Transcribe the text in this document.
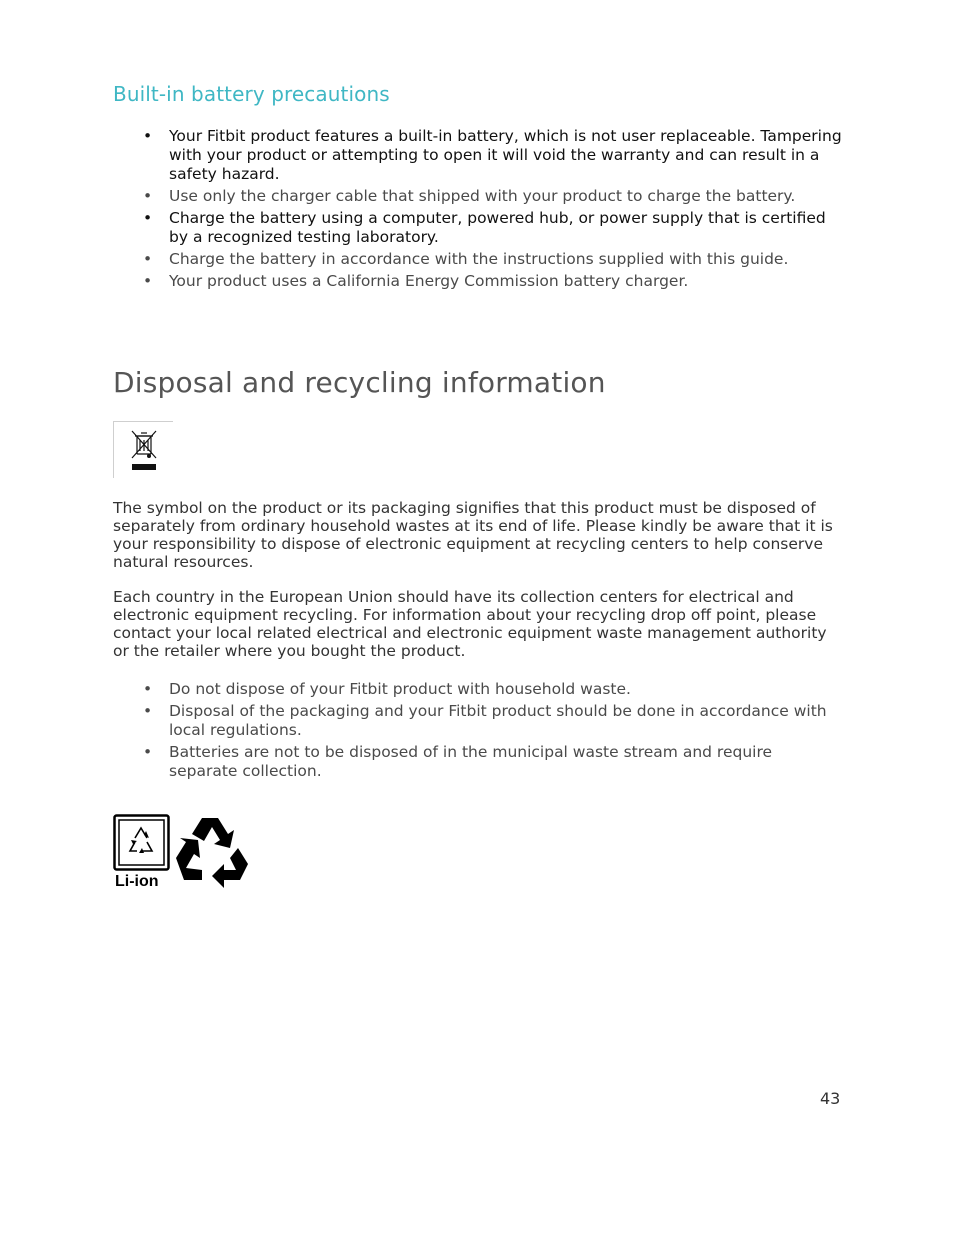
Built-in battery precautions
• Your Fitbit product features a built-in battery, which is not user replaceable. Tampering with your product or attempting to open it will void the warranty and can result in a safety hazard.
• Use only the charger cable that shipped with your product to charge the battery.
• Charge the battery using a computer, powered hub, or power supply that is certified by a recognized testing laboratory.
• Charge the battery in accordance with the instructions supplied with this guide.
• Your product uses a California Energy Commission battery charger.
Disposal and recycling information

The symbol on the product or its packaging signifies that this product must be disposed of separately from ordinary household wastes at its end of life. Please kindly be aware that it is your responsibility to dispose of electronic equipment at recycling centers to help conserve natural resources.

Each country in the European Union should have its collection centers for electrical and electronic equipment recycling. For information about your recycling drop off point, please contact your local related electrical and electronic equipment waste management authority or the retailer where you bought the product.

• Do not dispose of your Fitbit product with household waste.
• Disposal of the packaging and your Fitbit product should be done in accordance with local regulations.
• Batteries are not to be disposed of in the municipal waste stream and require separate collection.
Li-ion
43
